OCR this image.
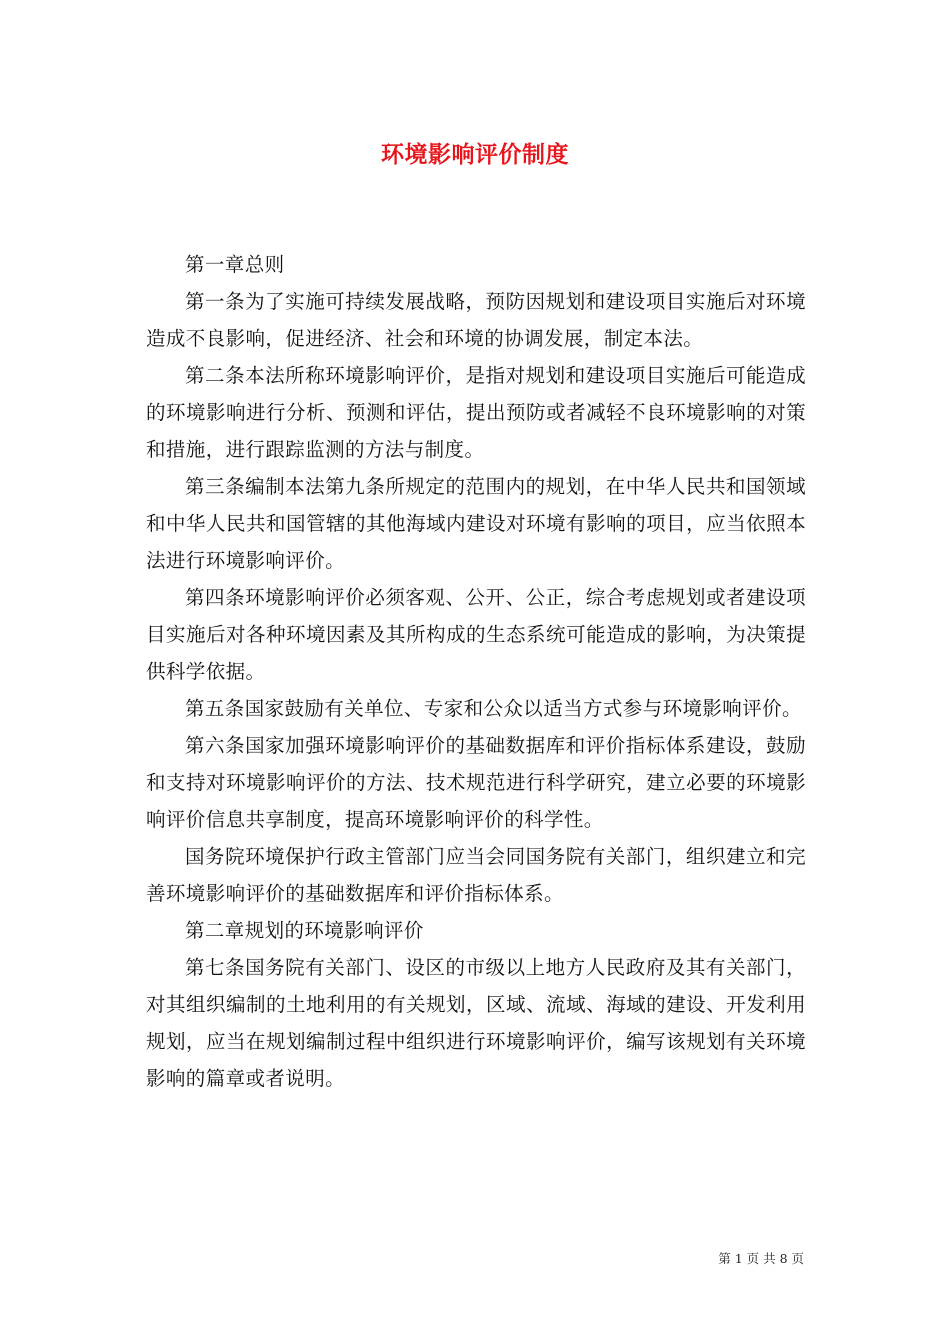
环境影响评价制度

第一章总则

第一条为了实施可持续发展战略，预防因规划和建设项目实施后对环境造成不良影响，促进经济、社会和环境的协调发展，制定本法。

第二条本法所称环境影响评价，是指对规划和建设项目实施后可能造成的环境影响进行分析、预测和评估，提出预防或者减轻不良环境影响的对策和措施，进行跟踪监测的方法与制度。

第三条编制本法第九条所规定的范围内的规划，在中华人民共和国领域和中华人民共和国管辖的其他海域内建设对环境有影响的项目，应当依照本法进行环境影响评价。

第四条环境影响评价必须客观、公开、公正，综合考虑规划或者建设项目实施后对各种环境因素及其所构成的生态系统可能造成的影响，为决策提供科学依据。

第五条国家鼓励有关单位、专家和公众以适当方式参与环境影响评价。

第六条国家加强环境影响评价的基础数据库和评价指标体系建设，鼓励和支持对环境影响评价的方法、技术规范进行科学研究，建立必要的环境影响评价信息共享制度，提高环境影响评价的科学性。

国务院环境保护行政主管部门应当会同国务院有关部门，组织建立和完善环境影响评价的基础数据库和评价指标体系。

第二章规划的环境影响评价

第七条国务院有关部门、设区的市级以上地方人民政府及其有关部门，对其组织编制的土地利用的有关规划，区域、流域、海域的建设、开发利用规划，应当在规划编制过程中组织进行环境影响评价，编写该规划有关环境影响的篇章或者说明。

第 1 页 共 8 页
